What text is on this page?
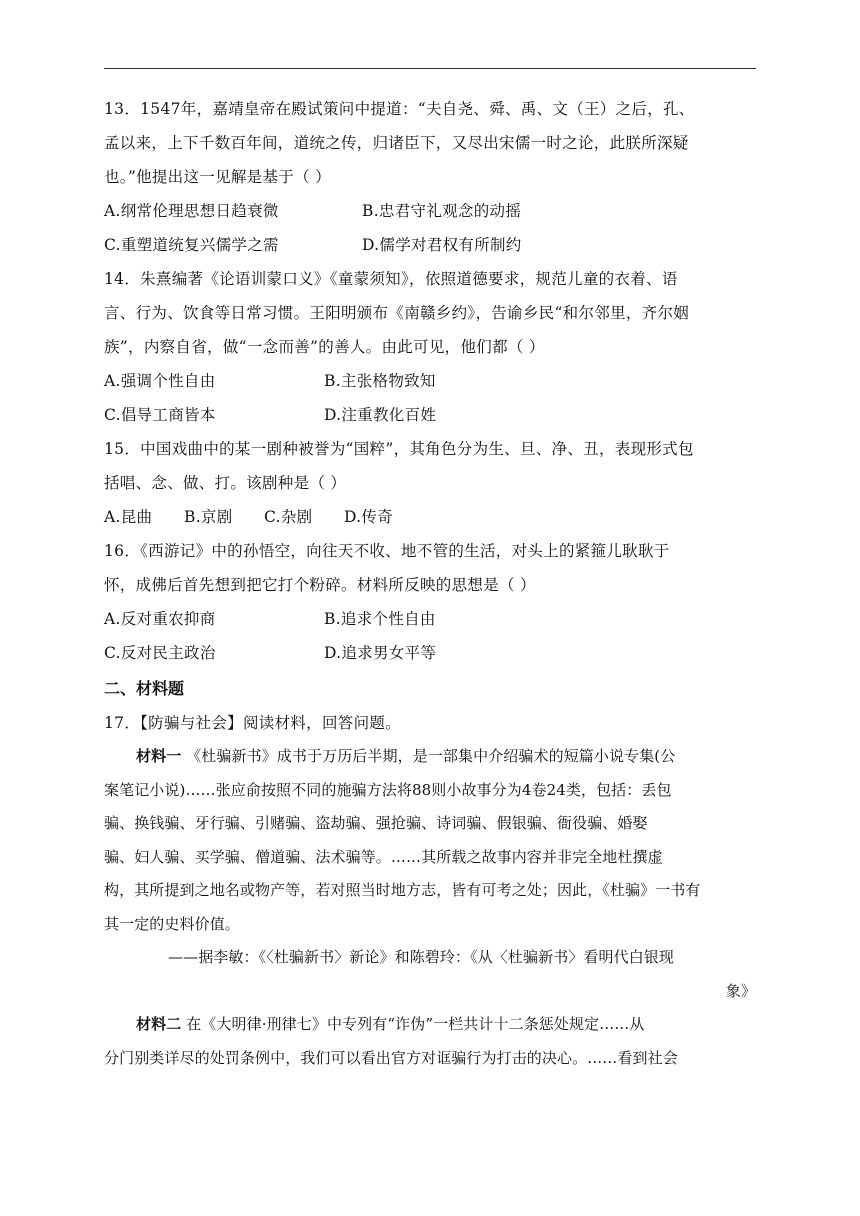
13．1547年，嘉靖皇帝在殿试策问中提道：“夫自尧、舜、禹、文（王）之后，孔、
孟以来，上下千数百年间，道统之传，归诸臣下，又尽出宋儒一时之论，此朕所深疑
也。”他提出这一见解是基于（ ）
A.纲常伦理思想日趋衰微	B.忠君守礼观念的动摇
C.重塑道统复兴儒学之需	D.儒学对君权有所制约
14．朱熹编著《论语训蒙口义》《童蒙须知》，依照道德要求，规范儿童的衣着、语
言、行为、饮食等日常习惯。王阳明颁布《南赣乡约》，告谕乡民“和尔邻里，齐尔姻
族”，内察自省，做“一念而善”的善人。由此可见，他们都（ ）
A.强调个性自由	B.主张格物致知
C.倡导工商皆本	D.注重教化百姓
15．中国戏曲中的某一剧种被誉为“国粹”，其角色分为生、旦、净、丑，表现形式包
括唱、念、做、打。该剧种是（ ）
A.昆曲	B.京剧	C.杂剧	D.传奇
16．《西游记》中的孙悟空，向往天不收、地不管的生活，对头上的紧箍儿耿耿于
怀，成佛后首先想到把它打个粉碎。材料所反映的思想是（ ）
A.反对重农抑商	B.追求个性自由
C.反对民主政治	D.追求男女平等
二、材料题
17．【防骗与社会】阅读材料，回答问题。
材料一 《杜骗新书》成书于万历后半期，是一部集中介绍骗术的短篇小说专集(公
案笔记小说)……张应俞按照不同的施骗方法将88则小故事分为4卷24类，包括：丢包
骗、换钱骗、牙行骗、引赌骗、盗劫骗、强抢骗、诗词骗、假银骗、衙役骗、婚娶
骗、妇人骗、买学骗、僧道骗、法术骗等。……其所载之故事内容并非完全地杜撰虚
构，其所提到之地名或物产等，若对照当时地方志，皆有可考之处；因此，《杜骗》一书有
其一定的史料价值。
——据李敏：《〈杜骗新书〉新论》和陈碧玲：《从〈杜骗新书〉看明代白银现
象》
材料二 在《大明律·刑律七》中专列有“诈伪”一栏共计十二条惩处规定……从
分门别类详尽的处罚条例中，我们可以看出官方对诓骗行为打击的决心。……看到社会
